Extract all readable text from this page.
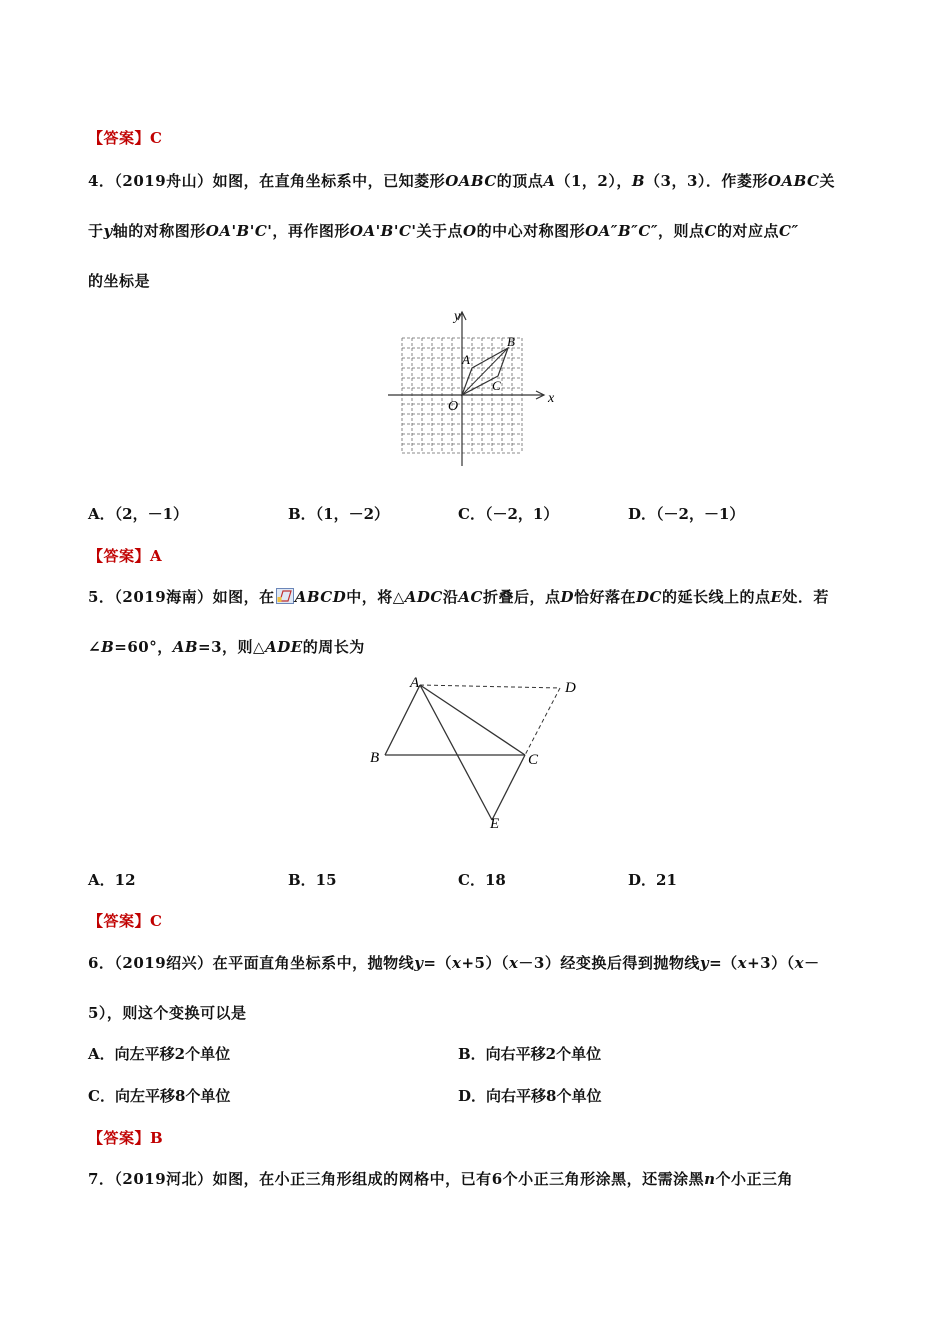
【答案】C
4．（2019舟山）如图，在直角坐标系中，已知菱形OABC的顶点A（1，2），B（3，3）．作菱形OABC关
于y轴的对称图形OA'B'C'，再作图形OA'B'C'关于点O的中心对称图形OA″B″C″，则点C的对应点C″
的坐标是
y
x
O
A
B
C
A．（2，－1）	B．（1，－2）	C．（－2，1）	D．（－2，－1）
【答案】A
5．（2019海南）如图，在 ABCD中，将△ADC沿AC折叠后，点D恰好落在DC的延长线上的点E处．若
∠B=60°，AB=3，则△ADE的周长为
A
B	C
D
E
A．12	B．15	C．18	D．21
【答案】C
6．（2019绍兴）在平面直角坐标系中，抛物线y=（x+5）（x－3）经变换后得到抛物线y=（x+3）（x－
5），则这个变换可以是
A．向左平移2个单位	B．向右平移2个单位
C．向左平移8个单位	D．向右平移8个单位
【答案】B
7．（2019河北）如图，在小正三角形组成的网格中，已有6个小正三角形涂黑，还需涂黑n个小正三角
